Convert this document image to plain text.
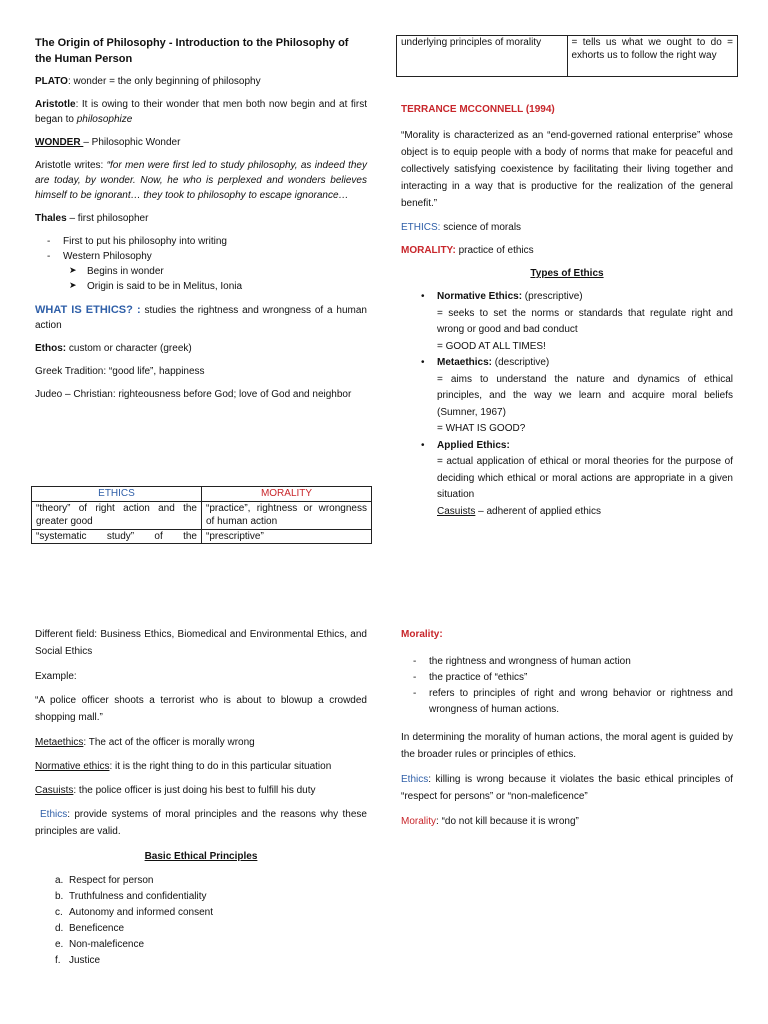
The Origin of Philosophy - Introduction to the Philosophy of the Human Person

PLATO: wonder = the only beginning of philosophy

Aristotle: It is owing to their wonder that men both now begin and at first began to philosophize

WONDER – Philosophic Wonder

Aristotle writes: “for men were first led to study philosophy, as indeed they are today, by wonder. Now, he who is perplexed and wonders believes himself to be ignorant… they took to philosophy to escape ignorance…

Thales – first philosopher

- First to put his philosophy into writing
- Western Philosophy
➤ Begins in wonder
➤ Origin is said to be in Melitus, Ionia

WHAT IS ETHICS? : studies the rightness and wrongness of a human action

Ethos: custom or character (greek)

Greek Tradition: “good life”, happiness

Judeo – Christian: righteousness before God; love of God and neighbor

ETHICS	MORALITY
“theory” of right action and the greater good	“practice”, rightness or wrongness of human action
“systematic study” of the	“prescriptive”
underlying principles of morality	= tells us what we ought to do = exhorts us to follow the right way

TERRANCE MCCONNELL (1994)

“Morality is characterized as an “end-governed rational enterprise” whose object is to equip people with a body of norms that make for peaceful and collectively satisfying coexistence by facilitating their living together and interacting in a way that is productive for the realization of the general benefit.”

ETHICS: science of morals

MORALITY: practice of ethics

Types of Ethics

• Normative Ethics: (prescriptive)
= seeks to set the norms or standards that regulate right and wrong or good and bad conduct
= GOOD AT ALL TIMES!
• Metaethics: (descriptive)
= aims to understand the nature and dynamics of ethical principles, and the way we learn and acquire moral beliefs (Sumner, 1967)
= WHAT IS GOOD?
• Applied Ethics:
= actual application of ethical or moral theories for the purpose of deciding which ethical or moral actions are appropriate in a given situation
Casuists – adherent of applied ethics

Different field: Business Ethics, Biomedical and Environmental Ethics, and Social Ethics

Example:

“A police officer shoots a terrorist who is about to blowup a crowded shopping mall.”

Metaethics: The act of the officer is morally wrong

Normative ethics: it is the right thing to do in this particular situation

Casuists: the police officer is just doing his best to fulfill his duty

Ethics: provide systems of moral principles and the reasons why these principles are valid.

Basic Ethical Principles

a. Respect for person
b. Truthfulness and confidentiality
c. Autonomy and informed consent
d. Beneficence
e. Non-maleficence
f. Justice

Morality:

- the rightness and wrongness of human action
- the practice of “ethics”
- refers to principles of right and wrong behavior or rightness and wrongness of human actions.

In determining the morality of human actions, the moral agent is guided by the broader rules or principles of ethics.

Ethics: killing is wrong because it violates the basic ethical principles of “respect for persons” or “non-maleficence”

Morality: “do not kill because it is wrong”
